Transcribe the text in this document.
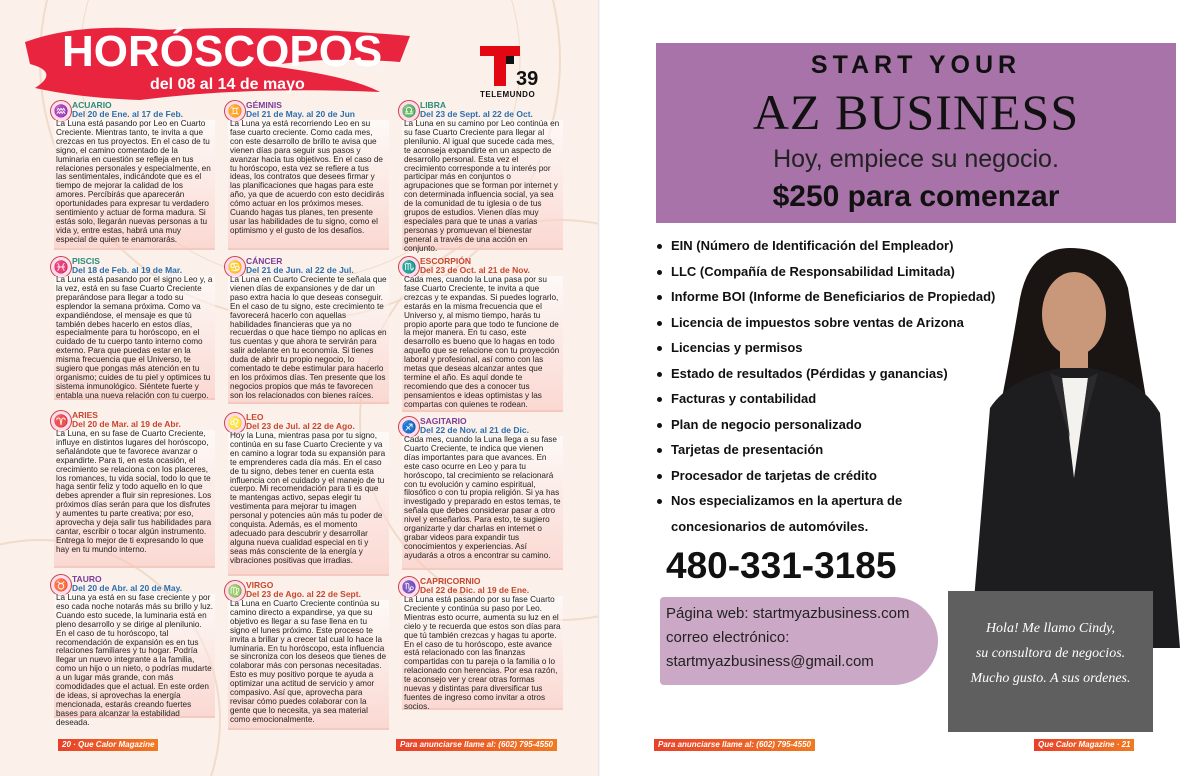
HORÓSCOPOS
del 08 al 14 de mayo	39
TELEMUNDO
♒ ACUARIO
Del 20 de Ene. al 17 de Feb.
La Luna está pasando por Leo en Cuarto Creciente. Mientras tanto, te invita a que crezcas en tus proyectos. En el caso de tu signo, el camino comentado de la luminaria en cuestión se refleja en tus relaciones personales y especialmente, en las sentimentales, indicándote que es el tiempo de mejorar la calidad de los amores. Percíbirás que aparecerán oportunidades para expresar tu verdadero sentimiento y actuar de forma madura. Si estás solo, llegarán nuevas personas a tu vida y, entre estas, habrá una muy especial de quien te enamorarás.
♓ PISCIS
Del 18 de Feb. al 19 de Mar.
La Luna está pasando por el signo Leo y, a la vez, está en su fase Cuarto Creciente preparándose para llegar a todo su esplendor la semana próxima. Como va expandiéndose, el mensaje es que tú también debes hacerlo en estos días, especialmente para tu horóscopo, en el cuidado de tu cuerpo tanto interno como externo. Para que puedas estar en la misma frecuencia que el Universo, te sugiero que pongas más atención en tu organismo; cuides de tu piel y optimices tu sistema inmunológico. Siéntete fuerte y entabla una nueva relación con tu cuerpo.
♈ ARIES
Del 20 de Mar. al 19 de Abr.
La Luna, en su fase de Cuarto Creciente, influye en distintos lugares del horóscopo, señalándote que te favorece avanzar o expandirte. Para ti, en esta ocasión, el crecimiento se relaciona con los placeres, los romances, tu vida social, todo lo que te haga sentir feliz y todo aquello en lo que debes aprender a fluir sin represiones. Los próximos días serán para que los disfrutes y aumentes tu parte creativa; por eso, aprovecha y deja salir tus habilidades para cantar, escribir o tocar algún instrumento. Entrega lo mejor de ti expresando lo que hay en tu mundo interno.
♉ TAURO
Del 20 de Abr. al 20 de May.
La Luna ya está en su fase creciente y por eso cada noche notarás más su brillo y luz. Cuando esto sucede, la luminaria está en pleno desarrollo y se dirige al plenilunio. En el caso de tu horóscopo, tal recomendación de expansión es en tus relaciones familiares y tu hogar. Podría llegar un nuevo integrante a la familia, como un hijo o un nieto, o podrías mudarte a un lugar más grande, con más comodidades que el actual. En este orden de ideas, si aprovechas la energía mencionada, estarás creando fuertes bases para alcanzar la estabilidad deseada.
♊ GÉMINIS
Del 21 de May. al 20 de Jun
La Luna ya está recorriendo Leo en su fase cuarto creciente. Como cada mes, con este desarrollo de brillo te avisa que vienen días para seguir sus pasos y avanzar hacia tus objetivos. En el caso de tu horóscopo, esta vez se refiere a tus ideas, los contratos que desees firmar y las planificaciones que hagas para este año, ya que de acuerdo con esto decidirás cómo actuar en los próximos meses. Cuando hagas tus planes, ten presente usar las habilidades de tu signo, como el optimismo y el gusto de los desafíos.
♋ CÁNCER
Del 21 de Jun. al 22 de Jul.
La Luna en Cuarto Creciente te señala que vienen días de expansiones y de dar un paso extra hacia lo que deseas conseguir. En el caso de tu signo, este crecimiento te favorecerá hacerlo con aquellas habilidades financieras que ya no recuerdas o que hace tiempo no aplicas en tus cuentas y que ahora te servirán para salir adelante en tu economía. Si tienes duda de abrir tu propio negocio, lo comentado te debe estimular para hacerlo en los próximos días. Ten presente que los negocios propios que más te favorecen son los relacionados con bienes raíces.
♌ LEO
Del 23 de Jul. al 22 de Ago.
Hoy la Luna, mientras pasa por tu signo, continúa en su fase Cuarto Creciente y va en camino a lograr toda su expansión para te emprenderes cada día más. En el caso de tu signo, debes tener en cuenta esta influencia con el cuidado y el manejo de tu cuerpo. Mi recomendación para ti es que te mantengas activo, sepas elegir tu vestimenta para mejorar tu imagen personal y potencies aún más tu poder de conquista. Además, es el momento adecuado para descubrir y desarrollar alguna nueva cualidad especial en ti y seas más consciente de la energía y vibraciones positivas que irradias.
♍ VIRGO
Del 23 de Ago. al 22 de Sept.
La Luna en Cuarto Creciente continúa su camino directo a expandirse, ya que su objetivo es llegar a su fase llena en tu signo el lunes próximo. Este proceso te invita a brillar y a crecer tal cual lo hace la luminaria. En tu horóscopo, esta influencia se sincroniza con los deseos que tienes de colaborar más con personas necesitadas. Esto es muy positivo porque te ayuda a optimizar una actitud de servicio y amor compasivo. Así que, aprovecha para revisar cómo puedes colaborar con la gente que lo necesita, ya sea material como emocionalmente.
♎ LIBRA
Del 23 de Sept. al 22 de Oct.
La Luna en su camino por Leo continúa en su fase Cuarto Creciente para llegar al plenilunio. Al igual que sucede cada mes, te aconseja expandirte en un aspecto de desarrollo personal. Esta vez el crecimiento corresponde a tu interés por participar más en conjuntos o agrupaciones que se forman por internet y con determinada influencia social, ya sea de la comunidad de tu iglesia o de tus grupos de estudios. Vienen días muy especiales para que te unas a varias personas y promuevan el bienestar general a través de una acción en conjunto.
♏ ESCORPIÓN
Del 23 de Oct. al 21 de Nov.
Cada mes, cuando la Luna pasa por su fase Cuarto Creciente, te invita a que crezcas y te expandas. Si puedes lograrlo, estarás en la misma frecuencia que el Universo y, al mismo tiempo, harás tu propio aporte para que todo te funcione de la mejor manera. En tu caso, este desarrollo es bueno que lo hagas en todo aquello que se relacione con tu proyección laboral y profesional, así como con las metas que deseas alcanzar antes que termine el año. Es aquí donde te recomiendo que des a conocer tus pensamientos e ideas optimistas y las compartas con quienes te rodean.
♐ SAGITARIO
Del 22 de Nov. al 21 de Dic.
Cada mes, cuando la Luna llega a su fase Cuarto Creciente, te indica que vienen días importantes para que avances. En este caso ocurre en Leo y para tu horóscopo, tal crecimiento se relacionará con tu evolución y camino espiritual, filosófico o con tu propia religión. Si ya has investigado y preparado en estos temas, te señala que debes considerar pasar a otro nivel y enseñarlos. Para esto, te sugiero organizarte y dar charlas en internet o grabar videos para expandir tus conocimientos y experiencias. Así ayudarás a otros a encontrar su camino.
♑ CAPRICORNIO
Del 22 de Dic. al 19 de Ene.
La Luna está pasando por su fase Cuarto Creciente y continúa su paso por Leo. Mientras esto ocurre, aumenta su luz en el cielo y te recuerda que estos son días para que tú también crezcas y hagas tu aporte. En el caso de tu horóscopo, este avance está relacionado con las finanzas compartidas con tu pareja o la familia o lo relacionado con herencias. Por esa razón, te aconsejo ver y crear otras formas nuevas y distintas para diversificar tus fuentes de ingreso como invitar a otros socios.
20 · Que Calor Magazine	Para anunciarse llame al: (602) 795-4550
START YOUR
AZ BUSINESS
Hoy, empiece su negocio.
$250 para comenzar
EIN (Número de Identificación del Empleador)
LLC (Compañía de Responsabilidad Limitada)
Informe BOI (Informe de Beneficiarios de Propiedad)
Licencia de impuestos sobre ventas de Arizona
Licencias y permisos
Estado de resultados (Pérdidas y ganancias)
Facturas y contabilidad
Plan de negocio personalizado
Tarjetas de presentación
Procesador de tarjetas de crédito
Nos especializamos en la apertura de
concesionarios de automóviles.
480-331-3185
Página web: startmyazbusiness.com
correo electrónico:
startmyazbusiness@gmail.com
Hola! Me llamo Cindy,
su consultora de negocios.
Mucho gusto. A sus ordenes.
Para anunciarse llame al: (602) 795-4550	Que Calor Magazine · 21
